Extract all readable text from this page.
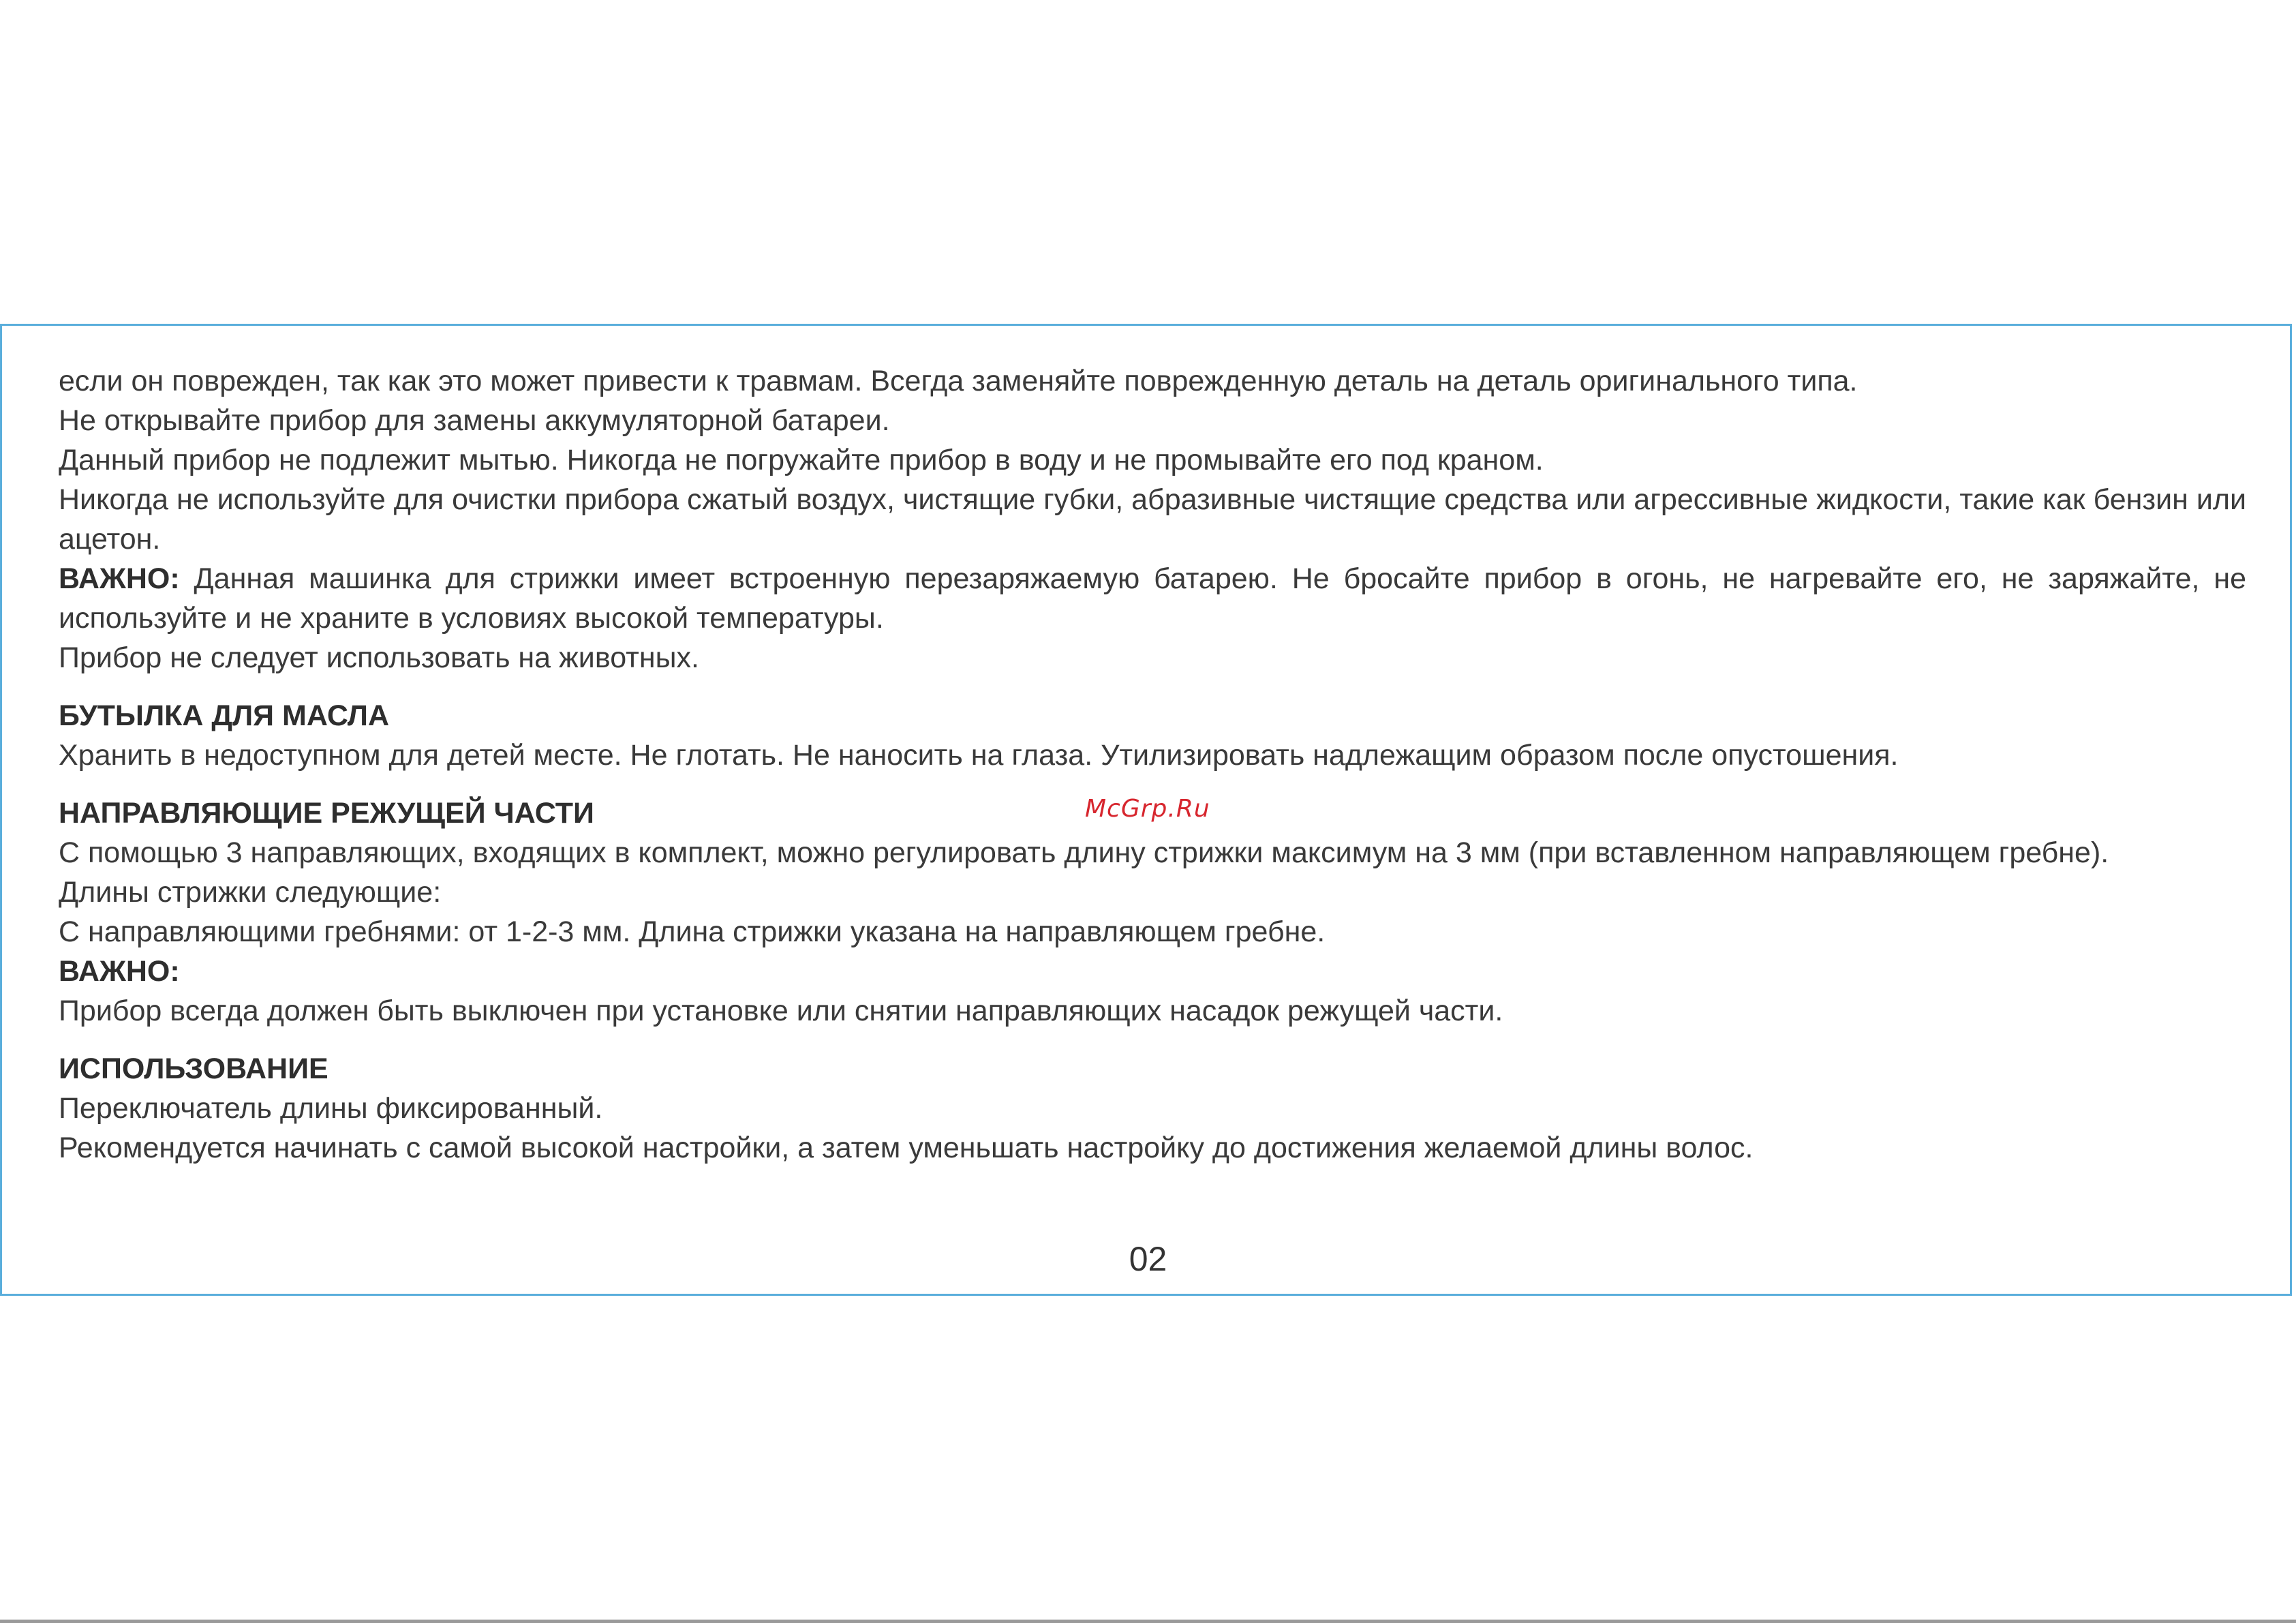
если он поврежден, так как это может привести к травмам. Всегда заменяйте поврежденную деталь на деталь оригинального типа.

Не открывайте прибор для замены аккумуляторной батареи.

Данный прибор не подлежит мытью. Никогда не погружайте прибор в воду и не промывайте его под краном.

Никогда не используйте для очистки прибора сжатый воздух, чистящие губки, абразивные чистящие средства или агрессивные жидкости, такие как бензин или ацетон.

ВАЖНО: Данная машинка для стрижки имеет встроенную перезаряжаемую батарею. Не бросайте прибор в огонь, не нагревайте его, не заряжайте, не используйте и не храните в условиях высокой температуры.

Прибор не следует использовать на животных.

БУТЫЛКА ДЛЯ МАСЛА

Хранить в недоступном для детей месте. Не глотать. Не наносить на глаза. Утилизировать надлежащим образом после опустошения.

НАПРАВЛЯЮЩИЕ РЕЖУЩЕЙ ЧАСТИ

С помощью 3 направляющих, входящих в комплект, можно регулировать длину стрижки максимум на 3 мм (при вставленном направляющем гребне).

Длины стрижки следующие:

С направляющими гребнями: от 1-2-3 мм. Длина стрижки указана на направляющем гребне.

ВАЖНО:

Прибор всегда должен быть выключен при установке или снятии направляющих насадок режущей части.

ИСПОЛЬЗОВАНИЕ

Переключатель длины фиксированный.

Рекомендуется начинать с самой высокой настройки, а затем уменьшать настройку до достижения желаемой длины волос.

McGrp.Ru
02
